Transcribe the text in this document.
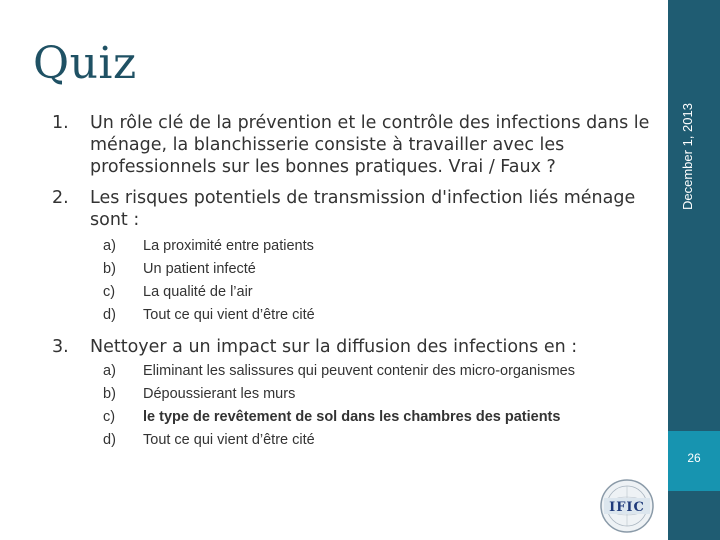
December 1, 2013
26
Quiz
1. Un rôle clé de la prévention et le contrôle des infections dans le ménage, la blanchisserie consiste à travailler avec les professionnels sur les bonnes pratiques. Vrai / Faux ?
2. Les risques potentiels de transmission d'infection liés ménage sont :
a) La proximité entre patients
b) Un patient infecté
c) La qualité de l’air
d) Tout ce qui vient d’être cité
3. Nettoyer a un impact sur la diffusion des infections en :
a) Eliminant les salissures qui peuvent contenir des micro-organismes
b) Dépoussierant les murs
c) le type de revêtement de sol dans les chambres des patients
d) Tout ce qui vient d’être cité
IFIC
